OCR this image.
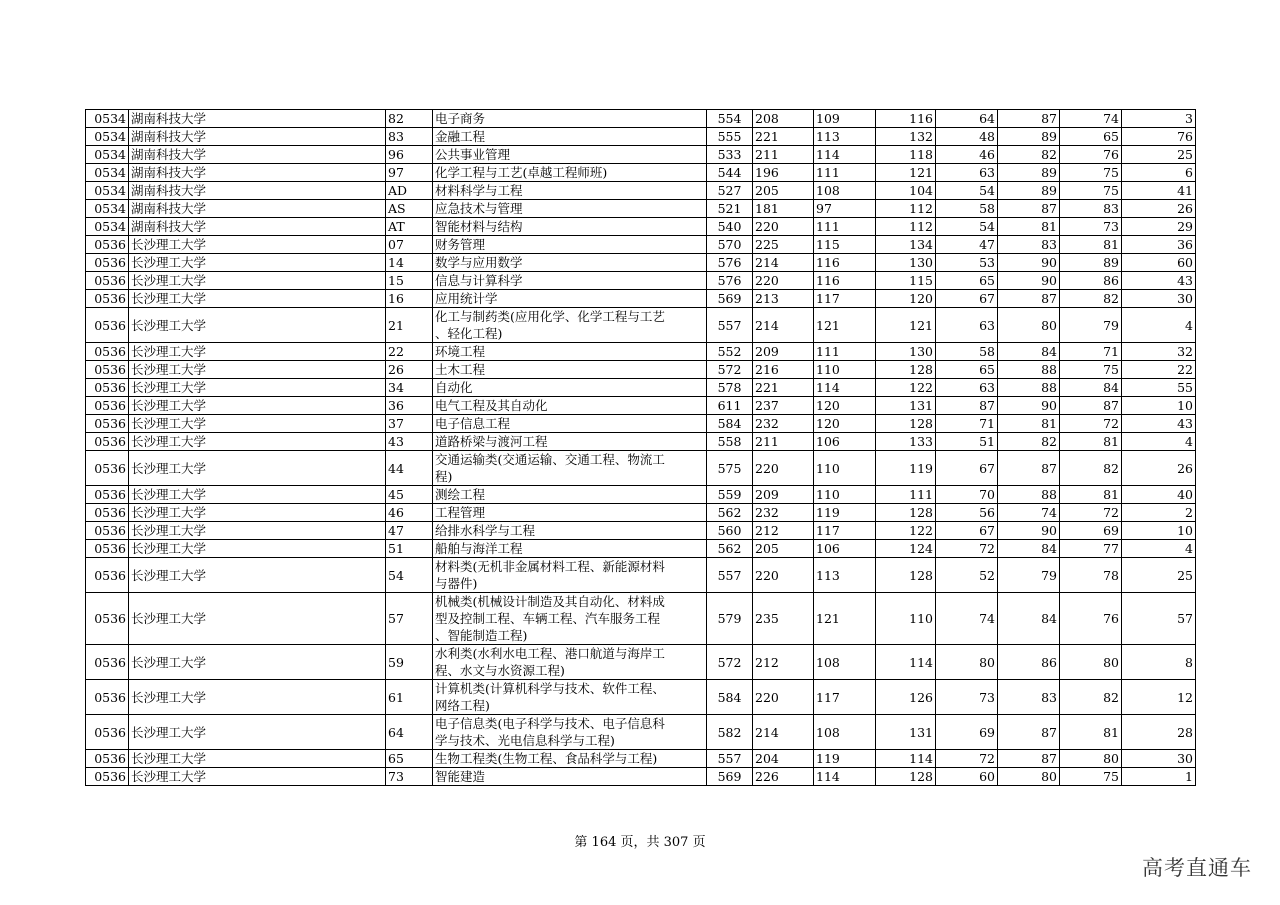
0534	湖南科技大学	82	电子商务	554	208	109	116	64	87	74	3
0534	湖南科技大学	83	金融工程	555	221	113	132	48	89	65	76
0534	湖南科技大学	96	公共事业管理	533	211	114	118	46	82	76	25
0534	湖南科技大学	97	化学工程与工艺(卓越工程师班)	544	196	111	121	63	89	75	6
0534	湖南科技大学	AD	材料科学与工程	527	205	108	104	54	89	75	41
0534	湖南科技大学	AS	应急技术与管理	521	181	97	112	58	87	83	26
0534	湖南科技大学	AT	智能材料与结构	540	220	111	112	54	81	73	29
0536	长沙理工大学	07	财务管理	570	225	115	134	47	83	81	36
0536	长沙理工大学	14	数学与应用数学	576	214	116	130	53	90	89	60
0536	长沙理工大学	15	信息与计算科学	576	220	116	115	65	90	86	43
0536	长沙理工大学	16	应用统计学	569	213	117	120	67	87	82	30
0536	长沙理工大学	21	化工与制药类(应用化学、化学工程与工艺
、轻化工程)	557	214	121	121	63	80	79	4
0536	长沙理工大学	22	环境工程	552	209	111	130	58	84	71	32
0536	长沙理工大学	26	土木工程	572	216	110	128	65	88	75	22
0536	长沙理工大学	34	自动化	578	221	114	122	63	88	84	55
0536	长沙理工大学	36	电气工程及其自动化	611	237	120	131	87	90	87	10
0536	长沙理工大学	37	电子信息工程	584	232	120	128	71	81	72	43
0536	长沙理工大学	43	道路桥梁与渡河工程	558	211	106	133	51	82	81	4
0536	长沙理工大学	44	交通运输类(交通运输、交通工程、物流工
程)	575	220	110	119	67	87	82	26
0536	长沙理工大学	45	测绘工程	559	209	110	111	70	88	81	40
0536	长沙理工大学	46	工程管理	562	232	119	128	56	74	72	2
0536	长沙理工大学	47	给排水科学与工程	560	212	117	122	67	90	69	10
0536	长沙理工大学	51	船舶与海洋工程	562	205	106	124	72	84	77	4
0536	长沙理工大学	54	材料类(无机非金属材料工程、新能源材料
与器件)	557	220	113	128	52	79	78	25
0536	长沙理工大学	57	机械类(机械设计制造及其自动化、材料成
型及控制工程、车辆工程、汽车服务工程
、智能制造工程)	579	235	121	110	74	84	76	57
0536	长沙理工大学	59	水利类(水利水电工程、港口航道与海岸工
程、水文与水资源工程)	572	212	108	114	80	86	80	8
0536	长沙理工大学	61	计算机类(计算机科学与技术、软件工程、
网络工程)	584	220	117	126	73	83	82	12
0536	长沙理工大学	64	电子信息类(电子科学与技术、电子信息科
学与技术、光电信息科学与工程)	582	214	108	131	69	87	81	28
0536	长沙理工大学	65	生物工程类(生物工程、食品科学与工程)	557	204	119	114	72	87	80	30
0536	长沙理工大学	73	智能建造	569	226	114	128	60	80	75	1
第 164 页，共 307 页
高考直通车
